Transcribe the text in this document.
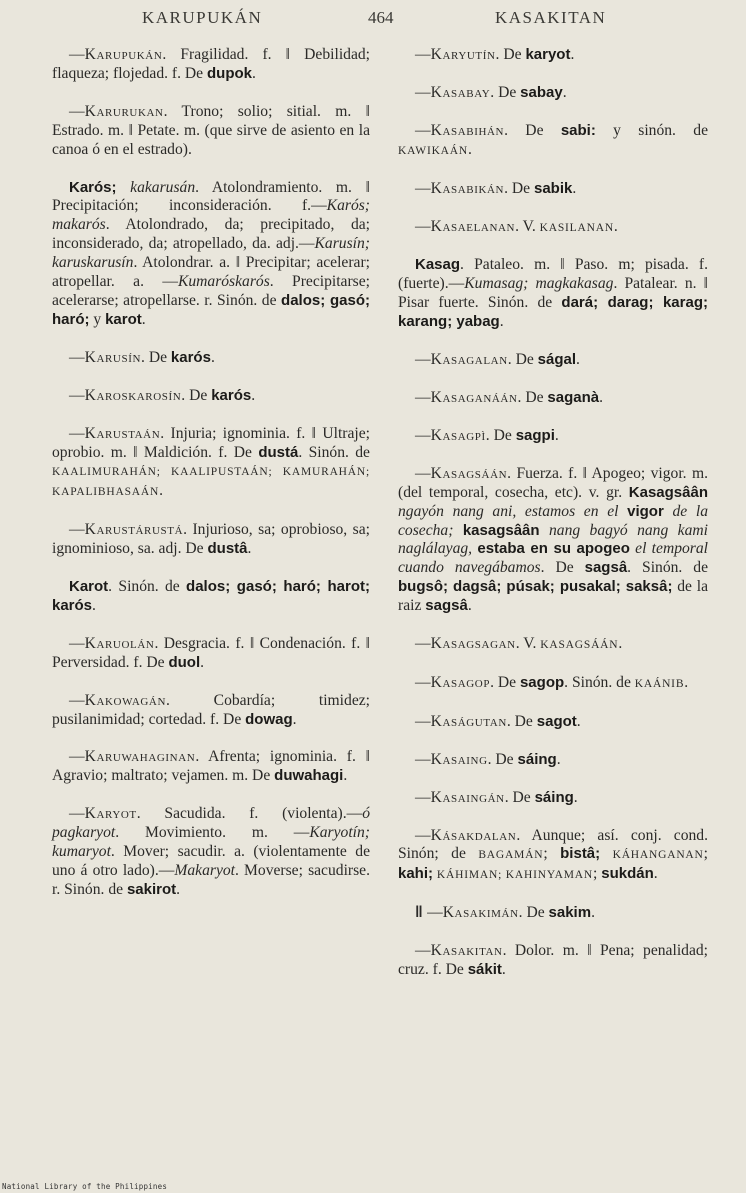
KARUPUKÁN	464	KASAKITAN

—Karupukán. Fragilidad. f. ‖ Debilidad; flaqueza; flojedad. f. De dupok.

—Karurukan. Trono; solio; sitial. m. ‖ Estrado. m. ‖ Petate. m. (que sirve de asiento en la canoa ó en el estrado).

Karós; kakarusán. Atolondramiento. m. ‖ Precipitación; inconsideración. f.—Karós; makarós. Atolondrado, da; precipitado, da; inconsiderado, da; atropellado, da. adj.—Karusín; karuskarusín. Atolondrar. a. ‖ Precipitar; acelerar; atropellar. a. —Kumaróskarós. Precipitarse; acelerarse; atropellarse. r. Sinón. de dalos; gasó; haró; y karot.

—Karusín. De karós.

—Karoskarosín. De karós.

—Karustaán. Injuria; ignominia. f. ‖ Ultraje; oprobio. m. ‖ Maldición. f. De dustá. Sinón. de KAALIMURAHÁN; KAALIPUSTAÁN; KAMURAHÁN; KAPALIBHASAÁN.

—Karustárustá. Injurioso, sa; oprobioso, sa; ignominioso, sa. adj. De dustâ.

Karot. Sinón. de dalos; gasó; haró; harot; karós.

—Karuolán. Desgracia. f. ‖ Condenación. f. ‖ Perversidad. f. De duol.

—Kakowagán. Cobardía; timidez; pusilanimidad; cortedad. f. De dowag.

—Karuwahaginan. Afrenta; ignominia. f. ‖ Agravio; maltrato; vejamen. m. De duwahagi.

—Karyot. Sacudida. f. (violenta).—ó pagkaryot. Movimiento. m. —Karyotín; kumaryot. Mover; sacudir. a. (violentamente de uno á otro lado).—Makaryot. Moverse; sacudirse. r. Sinón. de sakirot.

—Karyutín. De karyot.

—Kasabay. De sabay.

—Kasabihán. De sabi: y sinón. de KAWIKAÁN.

—Kasabikán. De sabik.

—Kasaelanan. V. KASILANAN.

Kasag. Pataleo. m. ‖ Paso. m; pisada. f. (fuerte).—Kumasag; magkakasag. Patalear. n. ‖ Pisar fuerte. Sinón. de dará; darag; karag; karang; yabag.

—Kasagalan. De ságal.

—Kasaganáán. De saganà.

—Kasagpì. De sagpi.

—Kasagsáán. Fuerza. f. ‖ Apogeo; vigor. m. (del temporal, cosecha, etc). v. gr. Kasagsâân ngayón nang ani, estamos en el vigor de la cosecha; kasagsâân nang bagyó nang kami naglálayag, estaba en su apogeo el temporal cuando navegábamos. De sagsâ. Sinón. de bugsô; dagsâ; púsak; pusakal; saksâ; de la raiz sagsâ.

—Kasagsagan. V. KASAGSÁÁN.

—Kasagop. De sagop. Sinón. de KAÁNIB.

—Kaságutan. De sagot.

—Kasaing. De sáing.

—Kasaingán. De sáing.

—Kásakdalan. Aunque; así. conj. cond. Sinón; de BAGAMÁN; bistâ; KÁHANGANAN; kahi; KÁHIMAN; KAHINYAMAN; sukdán.

‖ —Kasakimán. De sakim.

—Kasakitan. Dolor. m. ‖ Pena; penalidad; cruz. f. De sákit.

National Library of the Philippines
